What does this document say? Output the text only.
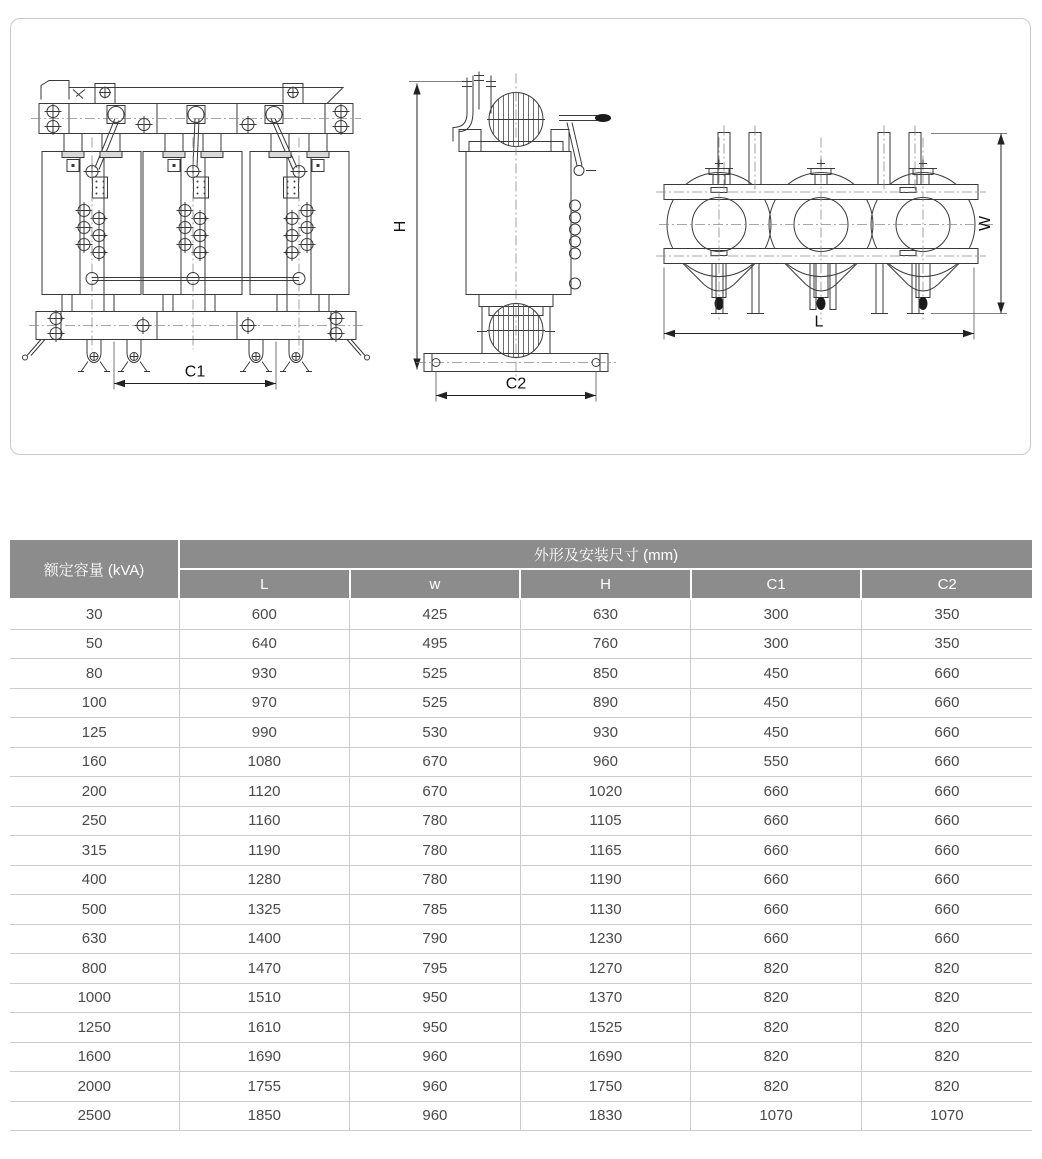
C1
H
C2
W
L
额定容量 (kVA)	外形及安装尺寸 (mm)				
	L	w	H	C1	C2
30	600	425	630	300	350
50	640	495	760	300	350
80	930	525	850	450	660
100	970	525	890	450	660
125	990	530	930	450	660
160	1080	670	960	550	660
200	1120	670	1020	660	660
250	1160	780	1105	660	660
315	1190	780	1165	660	660
400	1280	780	1190	660	660
500	1325	785	1130	660	660
630	1400	790	1230	660	660
800	1470	795	1270	820	820
1000	1510	950	1370	820	820
1250	1610	950	1525	820	820
1600	1690	960	1690	820	820
2000	1755	960	1750	820	820
2500	1850	960	1830	1070	1070
